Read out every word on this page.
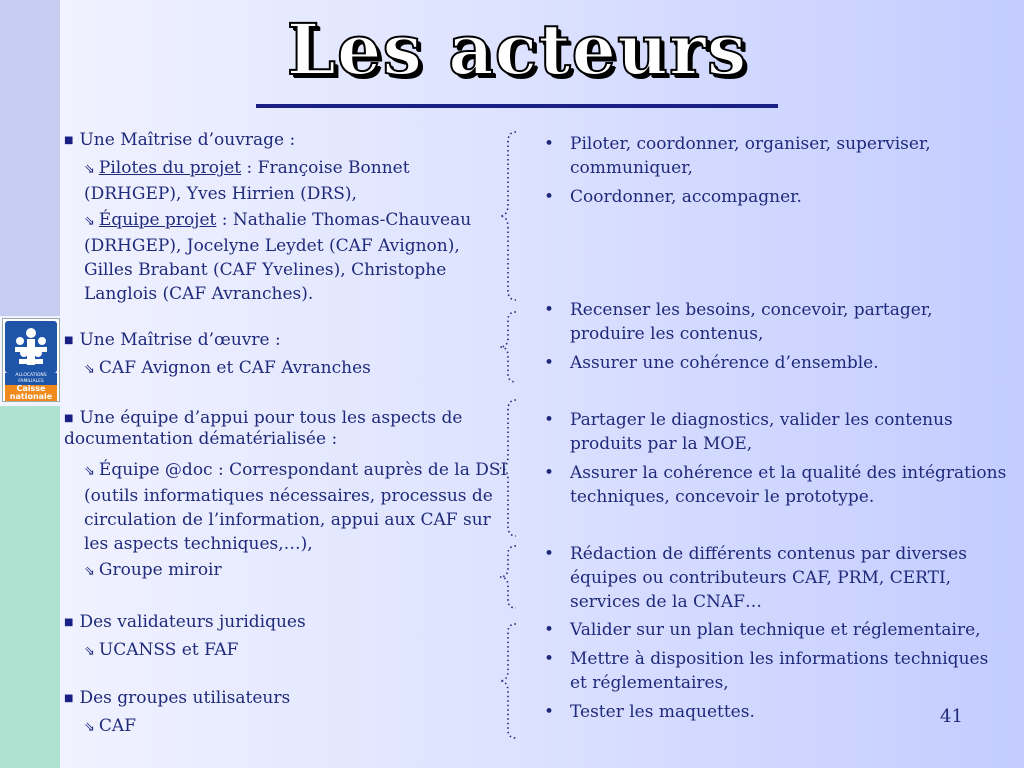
ALLOCATIONS
FAMILIALES
Caisse
nationale
Les acteurs
■ Une Maîtrise d’ouvrage :
⇘ Pilotes du projet : Françoise Bonnet (DRHGEP), Yves Hirrien (DRS),
⇘ Équipe projet : Nathalie Thomas-Chauveau (DRHGEP), Jocelyne Leydet (CAF Avignon), Gilles Brabant (CAF Yvelines), Christophe Langlois (CAF Avranches).
■ Une Maîtrise d’œuvre :
⇘ CAF Avignon et CAF Avranches
■ Une équipe d’appui pour tous les aspects de documentation dématérialisée :
⇘ Équipe @doc : Correspondant auprès de la DSI (outils informatiques nécessaires, processus de circulation de l’information, appui aux CAF sur les aspects techniques,…),
⇘ Groupe miroir
■ Des validateurs juridiques
⇘ UCANSS et FAF
■ Des groupes utilisateurs
⇘ CAF
• Piloter, coordonner, organiser, superviser, communiquer,
• Coordonner, accompagner.
• Recenser les besoins, concevoir, partager, produire les contenus,
• Assurer une cohérence d’ensemble.
• Partager le diagnostics, valider les contenus produits par la MOE,
• Assurer la cohérence et la qualité des intégrations techniques, concevoir le prototype.
• Rédaction de différents contenus par diverses équipes ou contributeurs CAF, PRM, CERTI, services de la CNAF…
• Valider sur un plan technique et réglementaire,
• Mettre à disposition les informations techniques et réglementaires,
• Tester les maquettes.	41
